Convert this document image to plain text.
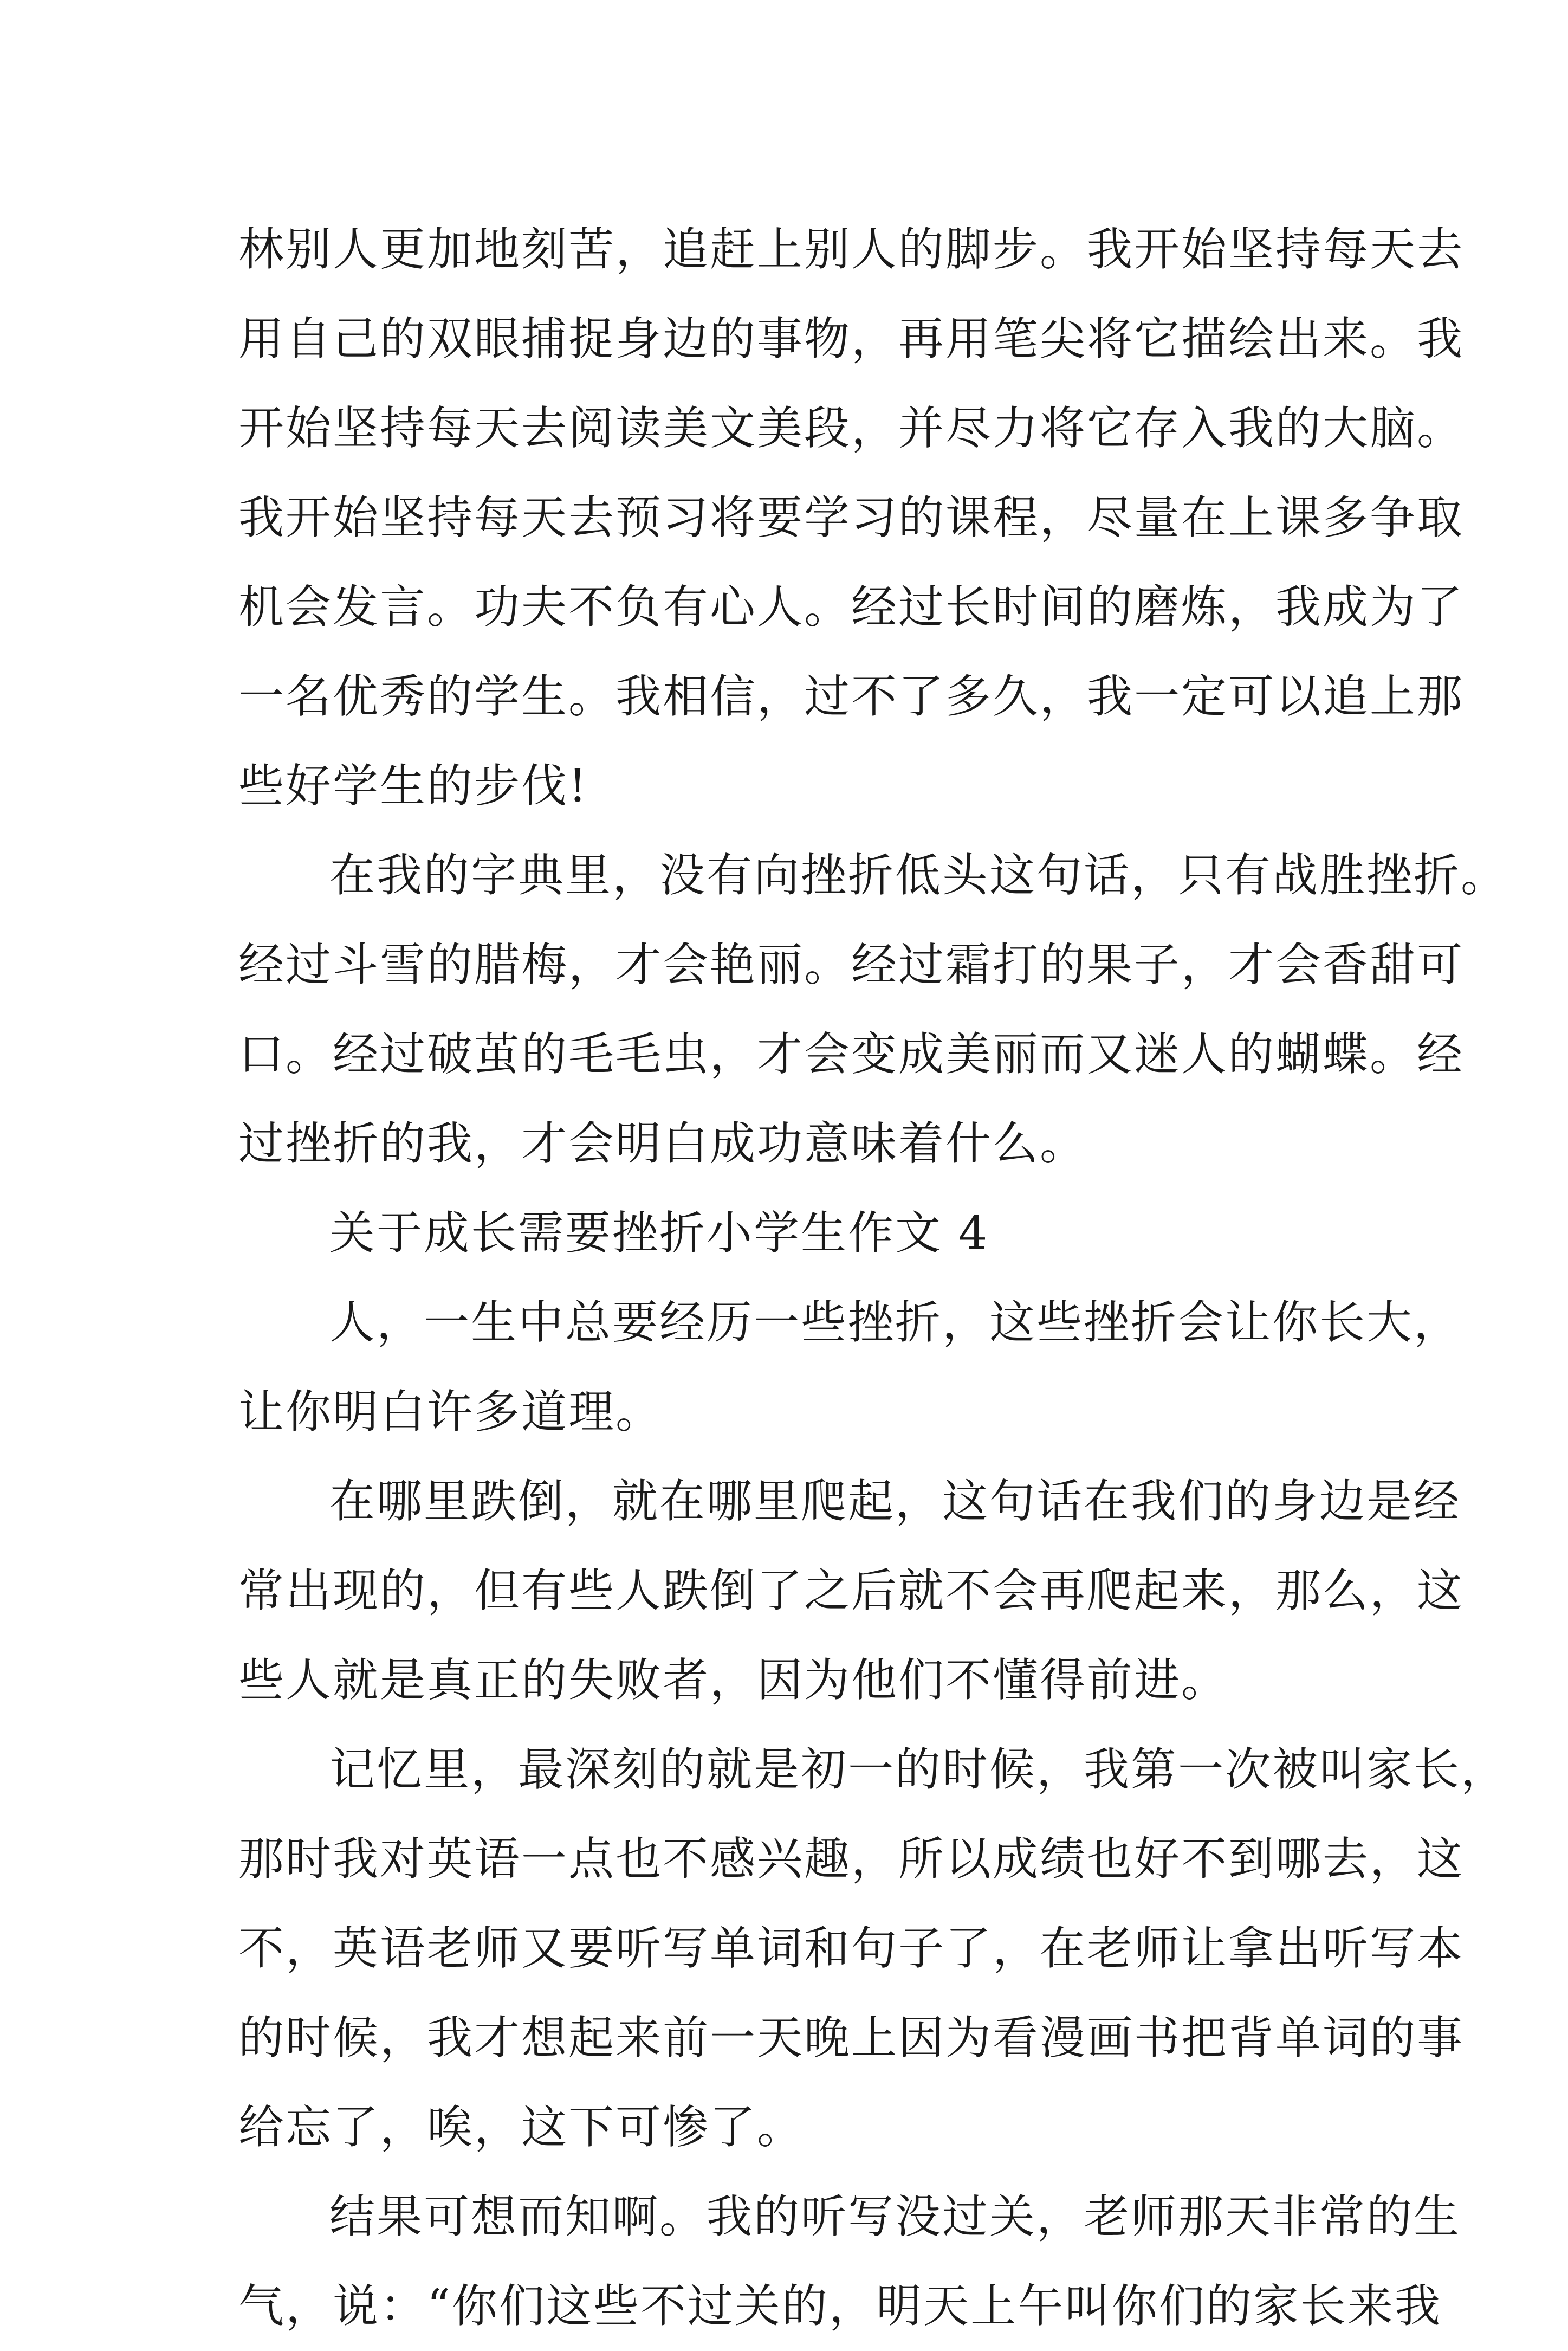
林别人更加地刻苦，追赶上别人的脚步。我开始坚持每天去
用自己的双眼捕捉身边的事物，再用笔尖将它描绘出来。我
开始坚持每天去阅读美文美段，并尽力将它存入我的大脑。
我开始坚持每天去预习将要学习的课程，尽量在上课多争取
机会发言。功夫不负有心人。经过长时间的磨炼，我成为了
一名优秀的学生。我相信，过不了多久，我一定可以追上那
些好学生的步伐!
在我的字典里，没有向挫折低头这句话，只有战胜挫折。
经过斗雪的腊梅，才会艳丽。经过霜打的果子，才会香甜可
口。经过破茧的毛毛虫，才会变成美丽而又迷人的蝴蝶。经
过挫折的我，才会明白成功意味着什么。
关于成长需要挫折小学生作文 4
人，一生中总要经历一些挫折，这些挫折会让你长大，
让你明白许多道理。
在哪里跌倒，就在哪里爬起，这句话在我们的身边是经
常出现的，但有些人跌倒了之后就不会再爬起来，那么，这
些人就是真正的失败者，因为他们不懂得前进。
记忆里，最深刻的就是初一的时候，我第一次被叫家长，
那时我对英语一点也不感兴趣，所以成绩也好不到哪去，这
不，英语老师又要听写单词和句子了，在老师让拿出听写本
的时候，我才想起来前一天晚上因为看漫画书把背单词的事
给忘了，唉，这下可惨了。
结果可想而知啊。我的听写没过关，老师那天非常的生
气，说：“你们这些不过关的，明天上午叫你们的家长来我
